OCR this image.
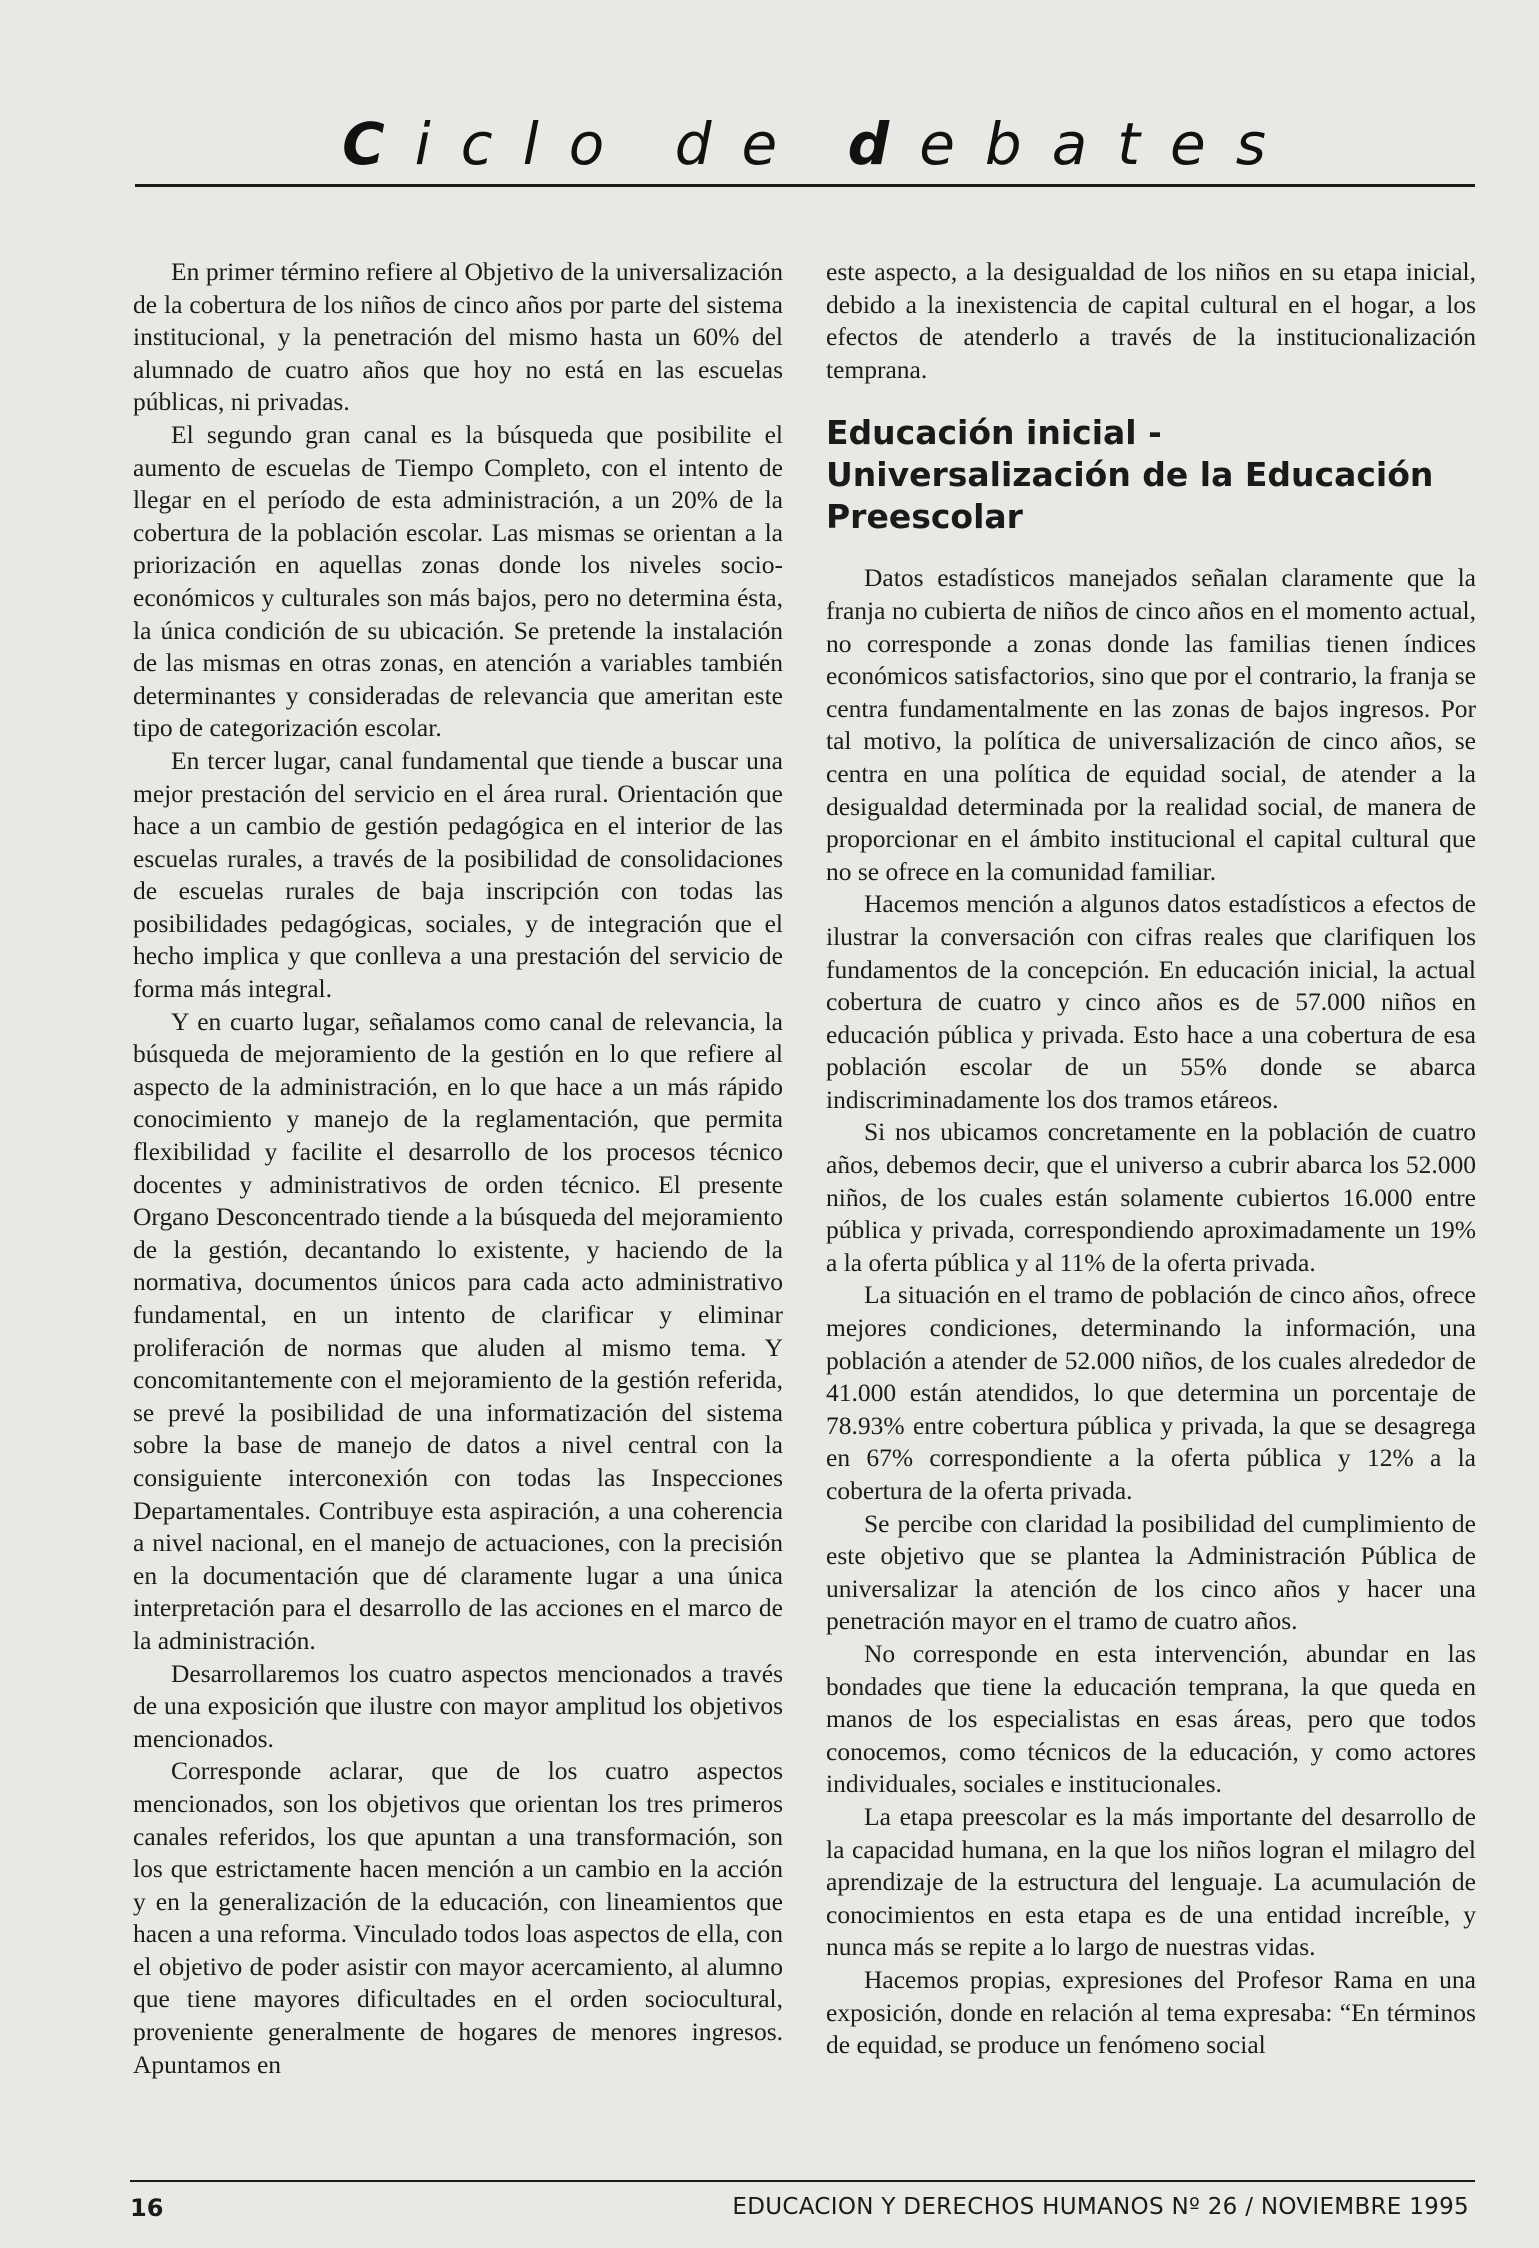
C i c l o d e d e b a t e s

En primer término refiere al Objetivo de la universalización de la cobertura de los niños de cinco años por parte del sistema institucional, y la penetración del mismo hasta un 60% del alumnado de cuatro años que hoy no está en las escuelas públicas, ni privadas.

El segundo gran canal es la búsqueda que posibilite el aumento de escuelas de Tiempo Completo, con el intento de llegar en el período de esta administración, a un 20% de la cobertura de la población escolar. Las mismas se orientan a la priorización en aquellas zonas donde los niveles socio-económicos y culturales son más bajos, pero no determina ésta, la única condición de su ubicación. Se pretende la instalación de las mismas en otras zonas, en atención a variables también determinantes y consideradas de relevancia que ameritan este tipo de categorización escolar.

En tercer lugar, canal fundamental que tiende a buscar una mejor prestación del servicio en el área rural. Orientación que hace a un cambio de gestión pedagógica en el interior de las escuelas rurales, a través de la posibilidad de consolidaciones de escuelas rurales de baja inscripción con todas las posibilidades pedagógicas, sociales, y de integración que el hecho implica y que conlleva a una prestación del servicio de forma más integral.

Y en cuarto lugar, señalamos como canal de relevancia, la búsqueda de mejoramiento de la gestión en lo que refiere al aspecto de la administración, en lo que hace a un más rápido conocimiento y manejo de la reglamentación, que permita flexibilidad y facilite el desarrollo de los procesos técnico docentes y administrativos de orden técnico. El presente Organo Desconcentrado tiende a la búsqueda del mejoramiento de la gestión, decantando lo existente, y haciendo de la normativa, documentos únicos para cada acto administrativo fundamental, en un intento de clarificar y eliminar proliferación de normas que aluden al mismo tema. Y concomitantemente con el mejoramiento de la gestión referida, se prevé la posibilidad de una informatización del sistema sobre la base de manejo de datos a nivel central con la consiguiente interconexión con todas las Inspecciones Departamentales. Contribuye esta aspiración, a una coherencia a nivel nacional, en el manejo de actuaciones, con la precisión en la documentación que dé claramente lugar a una única interpretación para el desarrollo de las acciones en el marco de la administración.

Desarrollaremos los cuatro aspectos mencionados a través de una exposición que ilustre con mayor amplitud los objetivos mencionados.

Corresponde aclarar, que de los cuatro aspectos mencionados, son los objetivos que orientan los tres primeros canales referidos, los que apuntan a una transformación, son los que estrictamente hacen mención a un cambio en la acción y en la generalización de la educación, con lineamientos que hacen a una reforma. Vinculado todos loas aspectos de ella, con el objetivo de poder asistir con mayor acercamiento, al alumno que tiene mayores dificultades en el orden sociocultural, proveniente generalmente de hogares de menores ingresos. Apuntamos en

este aspecto, a la desigualdad de los niños en su etapa inicial, debido a la inexistencia de capital cultural en el hogar, a los efectos de atenderlo a través de la institucionalización temprana.

Educación inicial - Universalización de la Educación Preescolar

Datos estadísticos manejados señalan claramente que la franja no cubierta de niños de cinco años en el momento actual, no corresponde a zonas donde las familias tienen índices económicos satisfactorios, sino que por el contrario, la franja se centra fundamentalmente en las zonas de bajos ingresos. Por tal motivo, la política de universalización de cinco años, se centra en una política de equidad social, de atender a la desigualdad determinada por la realidad social, de manera de proporcionar en el ámbito institucional el capital cultural que no se ofrece en la comunidad familiar.

Hacemos mención a algunos datos estadísticos a efectos de ilustrar la conversación con cifras reales que clarifiquen los fundamentos de la concepción. En educación inicial, la actual cobertura de cuatro y cinco años es de 57.000 niños en educación pública y privada. Esto hace a una cobertura de esa población escolar de un 55% donde se abarca indiscriminadamente los dos tramos etáreos.

Si nos ubicamos concretamente en la población de cuatro años, debemos decir, que el universo a cubrir abarca los 52.000 niños, de los cuales están solamente cubiertos 16.000 entre pública y privada, correspondiendo aproximadamente un 19% a la oferta pública y al 11% de la oferta privada.

La situación en el tramo de población de cinco años, ofrece mejores condiciones, determinando la información, una población a atender de 52.000 niños, de los cuales alrededor de 41.000 están atendidos, lo que determina un porcentaje de 78.93% entre cobertura pública y privada, la que se desagrega en 67% correspondiente a la oferta pública y 12% a la cobertura de la oferta privada.

Se percibe con claridad la posibilidad del cumplimiento de este objetivo que se plantea la Administración Pública de universalizar la atención de los cinco años y hacer una penetración mayor en el tramo de cuatro años.

No corresponde en esta intervención, abundar en las bondades que tiene la educación temprana, la que queda en manos de los especialistas en esas áreas, pero que todos conocemos, como técnicos de la educación, y como actores individuales, sociales e institucionales.

La etapa preescolar es la más importante del desarrollo de la capacidad humana, en la que los niños logran el milagro del aprendizaje de la estructura del lenguaje. La acumulación de conocimientos en esta etapa es de una entidad increíble, y nunca más se repite a lo largo de nuestras vidas.

Hacemos propias, expresiones del Profesor Rama en una exposición, donde en relación al tema expresaba: “En términos de equidad, se produce un fenómeno social

16	EDUCACION Y DERECHOS HUMANOS Nº 26 / NOVIEMBRE 1995
